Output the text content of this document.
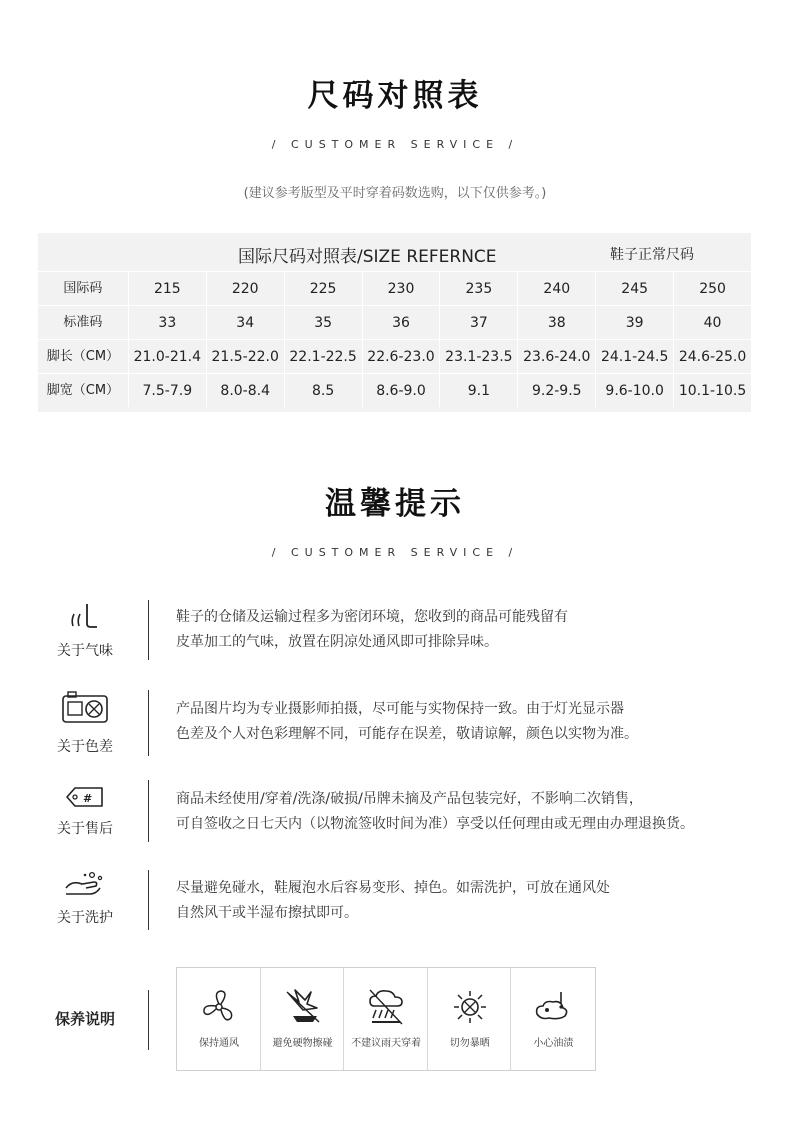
尺码对照表
/ CUSTOMER SERVICE /
(建议参考版型及平时穿着码数选购，以下仅供参考。)
国际尺码对照表/SIZE REFERNCE	鞋子正常尺码
国际码	215	220	225	230	235	240	245	250
标准码	33	34	35	36	37	38	39	40
脚长（CM）	21.0-21.4 21.5-22.0 22.1-22.5 22.6-23.0 23.1-23.5 23.6-24.0 24.1-24.5 24.6-25.0
脚宽（CM）	7.5-7.9	8.0-8.4	8.5	8.6-9.0	9.1	9.2-9.5	9.6-10.0	10.1-10.5
温馨提示
/ CUSTOMER SERVICE /
关于气味
鞋子的仓储及运输过程多为密闭环境，您收到的商品可能残留有
皮革加工的气味，放置在阴凉处通风即可排除异味。
关于色差
产品图片均为专业摄影师拍摄，尽可能与实物保持一致。由于灯光显示器
色差及个人对色彩理解不同，可能存在误差，敬请谅解，颜色以实物为准。
#
关于售后
商品未经使用/穿着/洗涤/破损/吊牌未摘及产品包装完好，不影响二次销售，
可自签收之日七天内（以物流签收时间为准）享受以任何理由或无理由办理退换货。
关于洗护
尽量避免碰水，鞋履泡水后容易变形、掉色。如需洗护，可放在通风处
自然风干或半湿布擦拭即可。
保养说明
保持通风	避免硬物擦碰	不建议雨天穿着	切勿暴晒	小心油渍
